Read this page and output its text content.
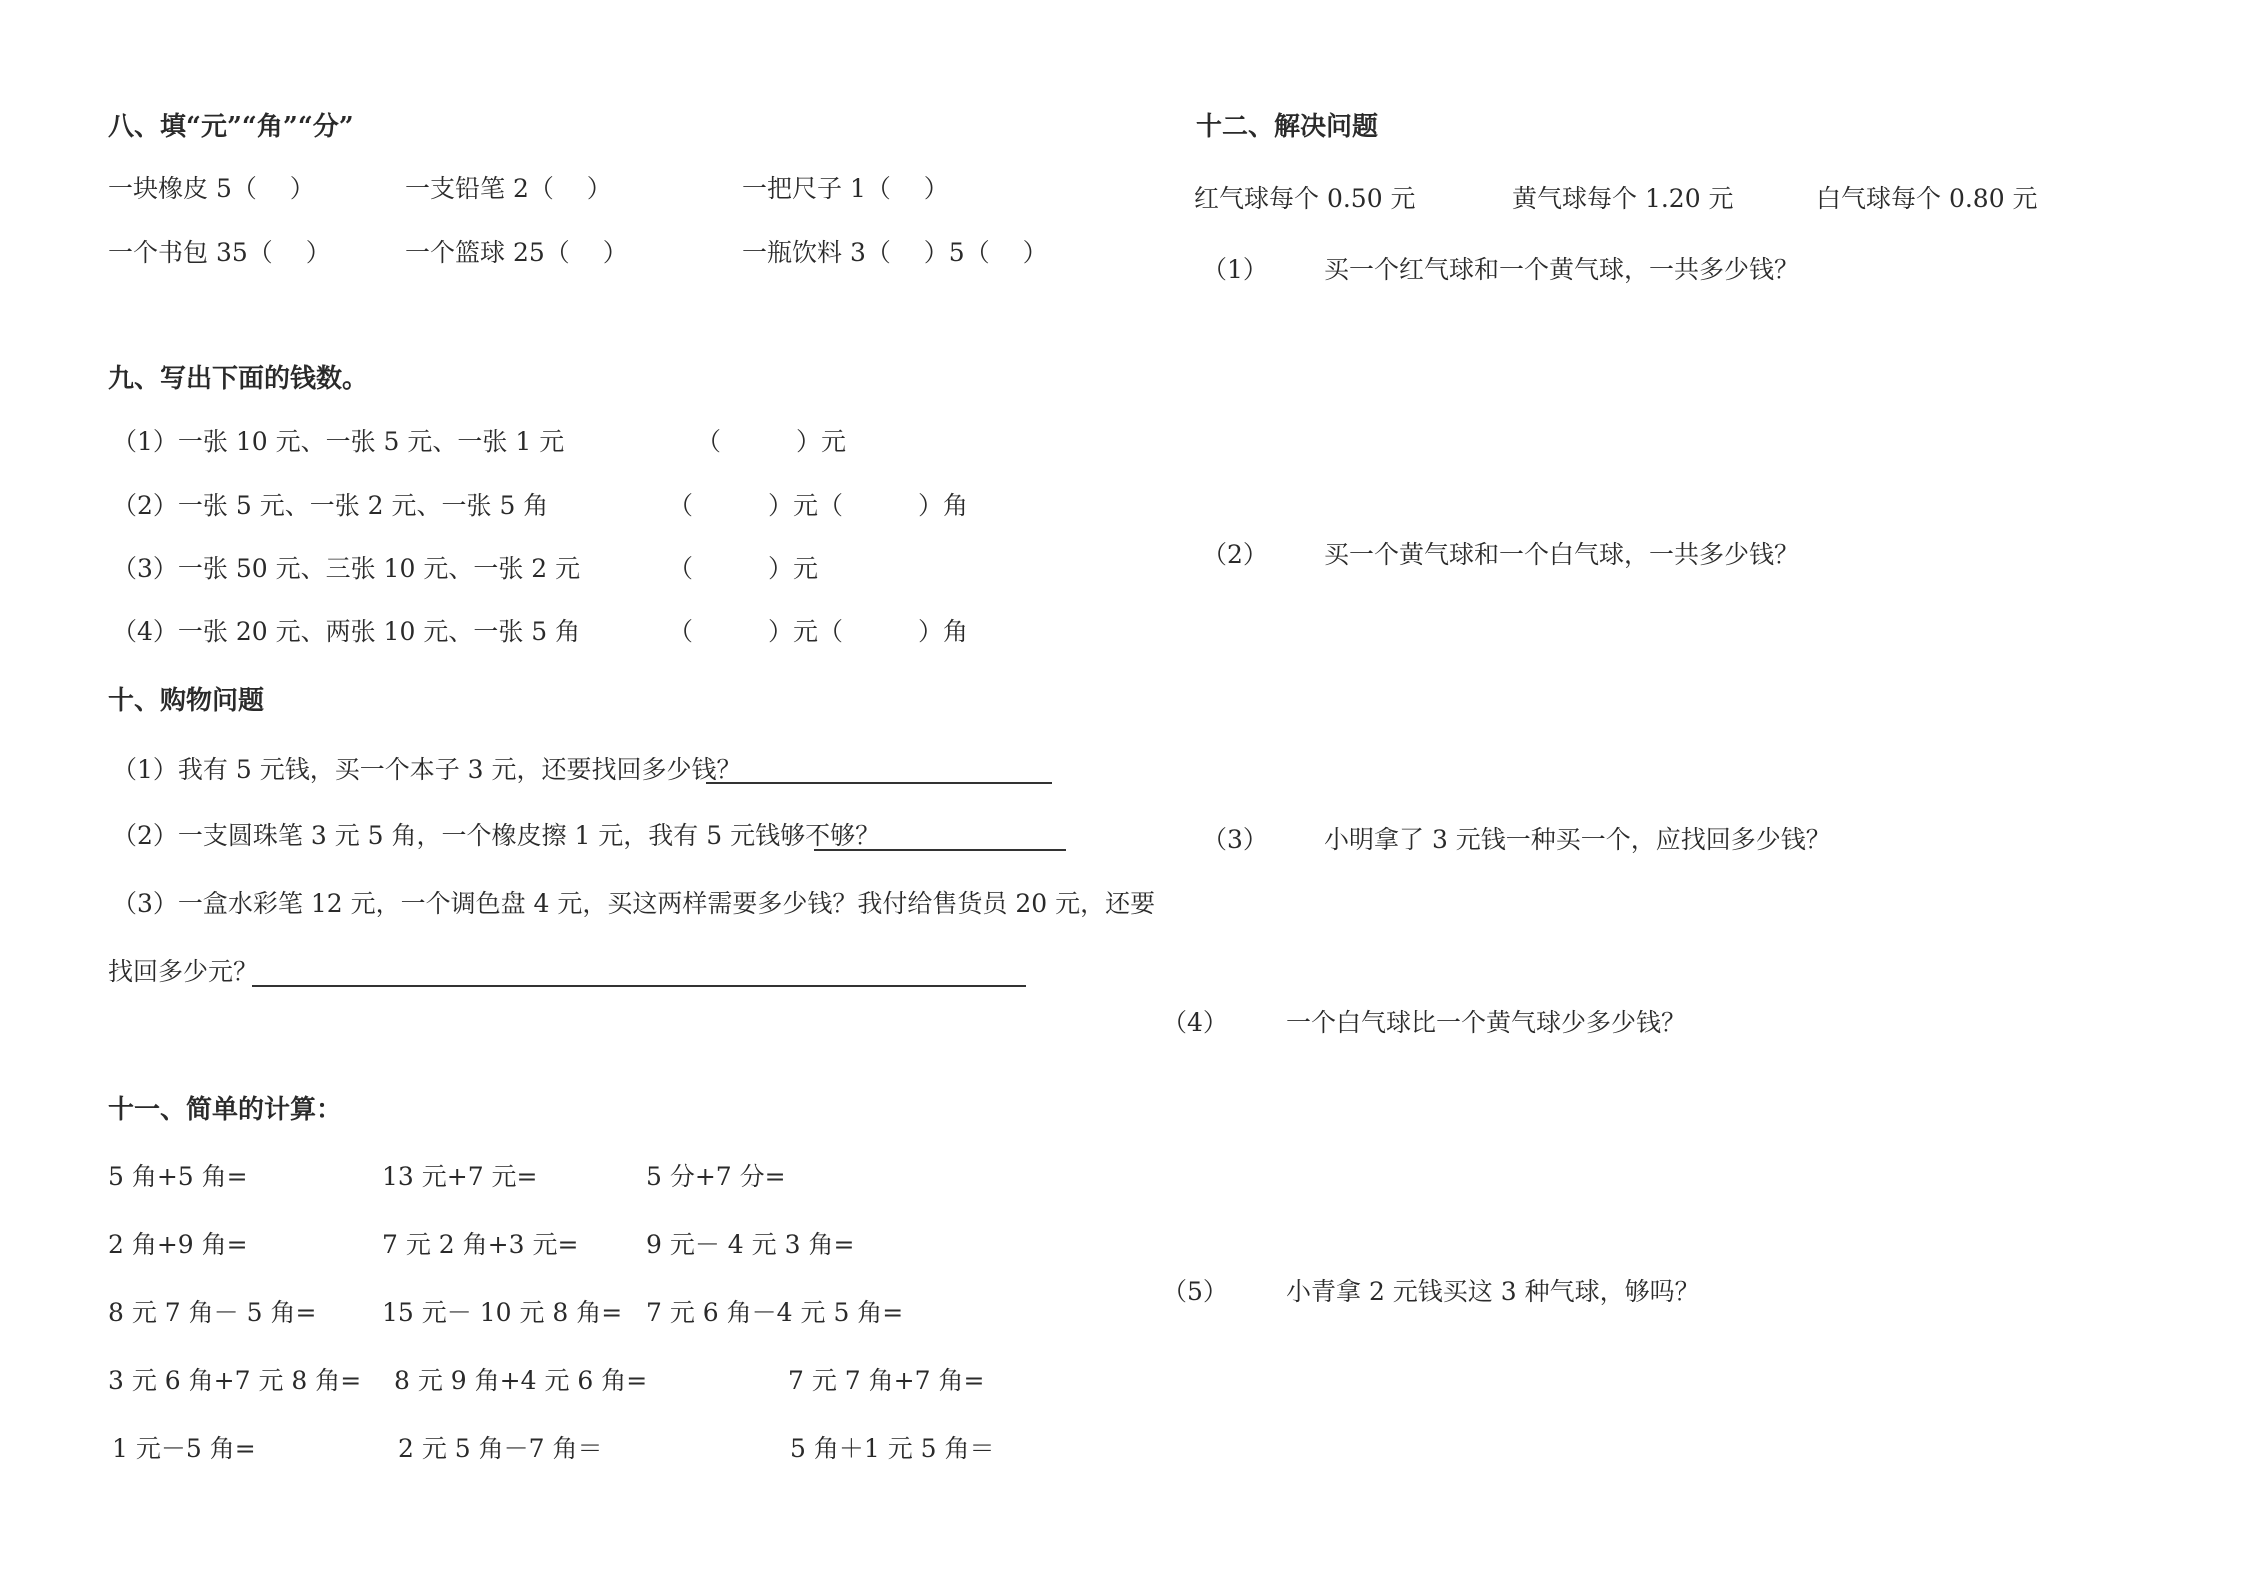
八、填“元”“角”“分”
一块橡皮 5（　 ）	一支铅笔 2（　 ）	一把尺子 1（　 ）
一个书包 35（　 ）	一个篮球 25（　 ）	一瓶饮料 3（　 ）5（　 ）
九、写出下面的钱数。
（1）一张 10 元、一张 5 元、一张 1 元	（　　　）元
（2）一张 5 元、一张 2 元、一张 5 角	（　　　）元（　　　）角
（3）一张 50 元、三张 10 元、一张 2 元	（　　　）元
（4）一张 20 元、两张 10 元、一张 5 角	（　　　）元（　　　）角
十、购物问题
（1）我有 5 元钱，买一个本子 3 元，还要找回多少钱？
（2）一支圆珠笔 3 元 5 角，一个橡皮擦 1 元，我有 5 元钱够不够？
（3）一盒水彩笔 12 元，一个调色盘 4 元，买这两样需要多少钱？我付给售货员 20 元，还要
找回多少元？
十一、简单的计算：
5 角+5 角=	13 元+7 元=	5 分+7 分=
2 角+9 角=	7 元 2 角+3 元=	9 元－ 4 元 3 角=
8 元 7 角－ 5 角=	15 元－ 10 元 8 角= 7 元 6 角－4 元 5 角=
3 元 6 角+7 元 8 角= 8 元 9 角+4 元 6 角=	7 元 7 角+7 角=
1 元－5 角=	2 元 5 角－7 角＝	5 角＋1 元 5 角＝
十二、解决问题
红气球每个 0.50 元	黄气球每个 1.20 元	白气球每个 0.80 元
（1） 买一个红气球和一个黄气球，一共多少钱？
（2） 买一个黄气球和一个白气球，一共多少钱？
（3） 小明拿了 3 元钱一种买一个，应找回多少钱？
（4） 一个白气球比一个黄气球少多少钱？
（5） 小青拿 2 元钱买这 3 种气球，够吗？
